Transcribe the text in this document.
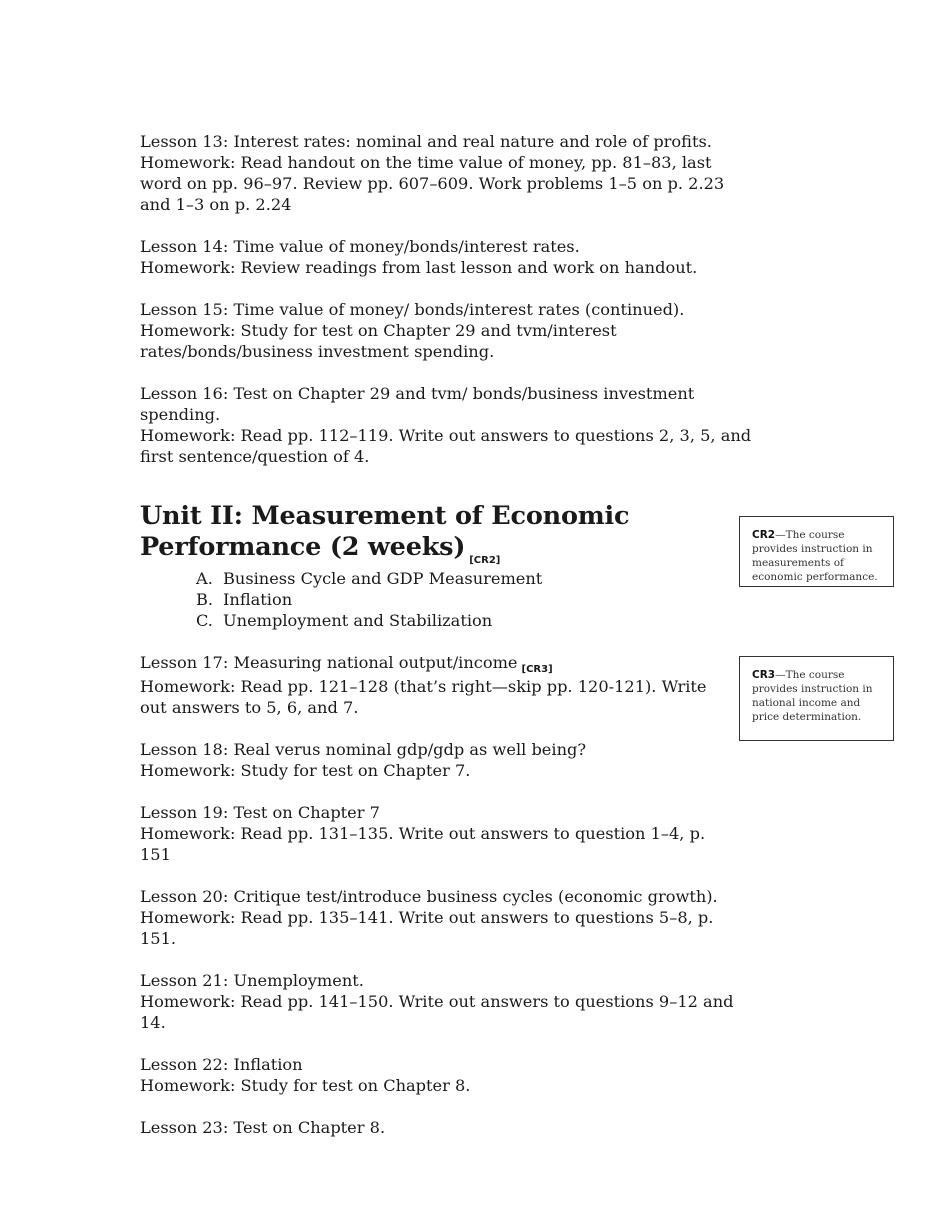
Lesson 13: Interest rates: nominal and real nature and role of profits.

Homework: Read handout on the time value of money, pp. 81–83, last word on pp. 96–97. Review pp. 607–609. Work problems 1–5 on p. 2.23 and 1–3 on p. 2.24

Lesson 14: Time value of money/bonds/interest rates.

Homework: Review readings from last lesson and work on handout.

Lesson 15: Time value of money/ bonds/interest rates (continued).

Homework: Study for test on Chapter 29 and tvm/interest rates/bonds/business investment spending.

Lesson 16: Test on Chapter 29 and tvm/ bonds/business investment spending.

Homework: Read pp. 112–119. Write out answers to questions 2, 3, 5, and first sentence/question of 4.

Unit II: Measurement of Economic Performance (2 weeks) $_{[CR2]}$
A. Business Cycle and GDP Measurement
B. Inflation
C. Unemployment and Stabilization

Lesson 17: Measuring national output/income $_{[CR3]}$

Homework: Read pp. 121–128 (that’s right—skip pp. 120-121). Write out answers to 5, 6, and 7.

Lesson 18: Real verus nominal gdp/gdp as well being?

Homework: Study for test on Chapter 7.

Lesson 19: Test on Chapter 7

Homework: Read pp. 131–135. Write out answers to question 1–4, p. 151

Lesson 20: Critique test/introduce business cycles (economic growth).

Homework: Read pp. 135–141. Write out answers to questions 5–8, p. 151.

Lesson 21: Unemployment.

Homework: Read pp. 141–150. Write out answers to questions 9–12 and 14.

Lesson 22: Inflation

Homework: Study for test on Chapter 8.

Lesson 23: Test on Chapter 8.

CR2—The course provides instruction in measurements of economic performance.
CR3—The course provides instruction in national income and price determination.
